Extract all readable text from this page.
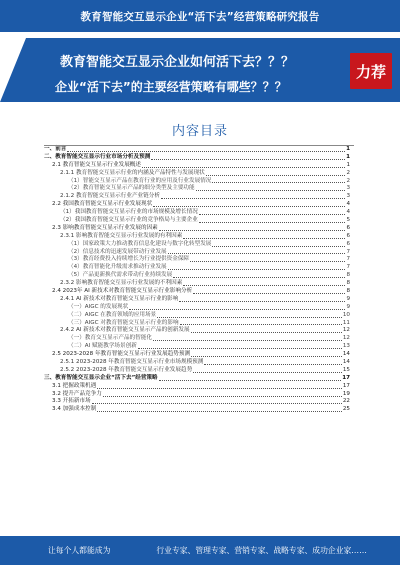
教育智能交互显示企业“活下去”经营策略研究报告
教育智能交互显示企业如何活下去？？？
企业“活下去”的主要经营策略有哪些？？？
力荐
内容目录
一、前言	1
二、教育智能交互显示行业市场分析及预测	1
2.1 教育智能交互显示行业发展概述	1
2.1.1 教育智能交互显示行业的内涵及产品特性与发展现状	2
（1）智能交互显示产品在教育行业的应用及行业发展情况	2
（2）教育智能交互显示产品的细分类型及主要功能	3
2.1.2 教育智能交互显示行业产业链分析	3
2.2 我国教育智能交互显示行业发展现状	4
（1）我国教育智能交互显示行业的市场规模及增长情况	4
（2）我国教育智能交互显示行业的竞争格局与主要企业	5
2.3 影响教育智能交互显示行业发展的因素	6
2.3.1 影响教育智能交互显示行业发展的有利因素	6
（1）国家政策大力推动教育信息化建设与数字化转型发展	6
（2）信息技术的迅速发展带动行业发展	7
（3）教育经费投入持续增长为行业提供资金保障	7
（4）教育智能化升级需求推动行业发展	7
（5）产品更新换代需求带动行业持续发展	8
2.3.2 影响教育智能交互显示行业发展的不利因素	8
2.4 2023年 AI 新技术对教育智能交互显示行业影响分析	8
2.4.1 AI 新技术对教育智能交互显示行业的影响	9
（一）AIGC 的发展现状	9
（二）AIGC 在教育领域的应用场景	10
（三）AIGC 对教育智能交互显示行业的影响	11
2.4.2 AI 新技术对教育智能交互显示产品的创新发展	12
（一）教育交互显示产品的智能化	12
（二）AI 赋能教学场景创新	13
2.5 2023-2028 年教育智能交互显示行业发展趋势预测	14
2.5.1 2023-2028 年教育智能交互显示行业市场规模预测	14
2.5.2 2023-2028 年教育智能交互显示行业发展趋势	15
三、教育智能交互显示企业“活下去”经营策略	17
3.1 把握政策机遇	17
3.2 提升产品竞争力	19
3.3 开拓新市场	22
3.4 加强成本控制	25
让每个人都能成为	行业专家、管理专家、营销专家、战略专家、成功企业家……
